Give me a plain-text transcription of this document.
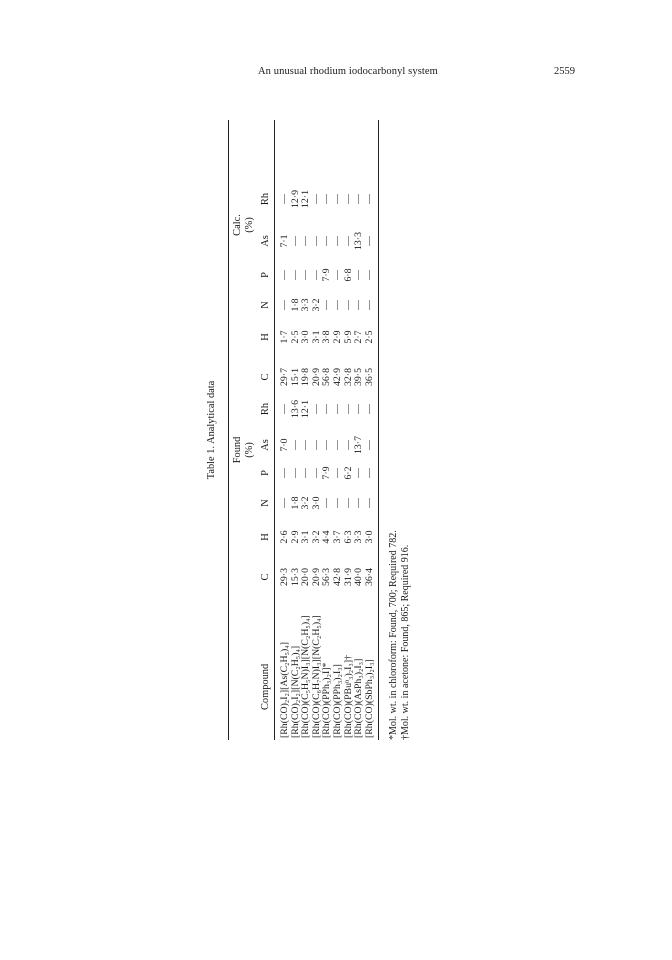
An unusual rhodium iodocarbonyl system	2559
Table 1. Analytical data Found (%)
Calc. (%)
Compound
C
H
N
P
As
Rh
C
H
N
P
As
Rh
[Rh(CO)₂I₂][As(C₂H₅)₄]
29·3
2·6
—
—
7·0
—
29·7
1·7
—
—
7·1
—
[Rh(CO)₂I₂][N(C₂H₅)₄]
15·3
2·9
1·8
—
—
13·6
15·1
2·5
1·8
—
—
12·9
[Rh(CO)(C₅H₅N)I₃][N(C₂H₅)₄]
20·0
3·1
3·2
—
—
12·1
19·8
3·0
3·3
—
—
12·1
[Rh(CO)(C₆H₇N)I₃][N(C₂H₅)₄]
20·9
3·2
3·0
—
—
—
20·9
3·1
3·2
—
—
—
[Rh(CO)(PPh₃)₂I]*
56·3
4·4
—
7·9
—
—
56·8
3·8
—
7·9
—
—
[Rh(CO)(PPh₃)₂I₃]
42·8
3·7
—
—
—
—
42·9
2·9
—
—
—
—
[Rh(CO)(PBuⁿ₃)₂I₃]†
31·9
6·3
—
6·2
—
—
32·8
5·9
—
6·8
—
—
[Rh(CO)(AsPh₃)₂I₃]
40·0
3·3
—
—
13·7
—
39·5
2·7
—
—
13·3
—
[Rh(CO)(SbPh₃)₂I₃]
36·4
3·0
—
—
—
—
36·5
2·5
—
—
—
—
*Mol. wt. in chloroform: Found, 700; Required 782. †Mol. wt. in acetone: Found, 865; Required 916.
